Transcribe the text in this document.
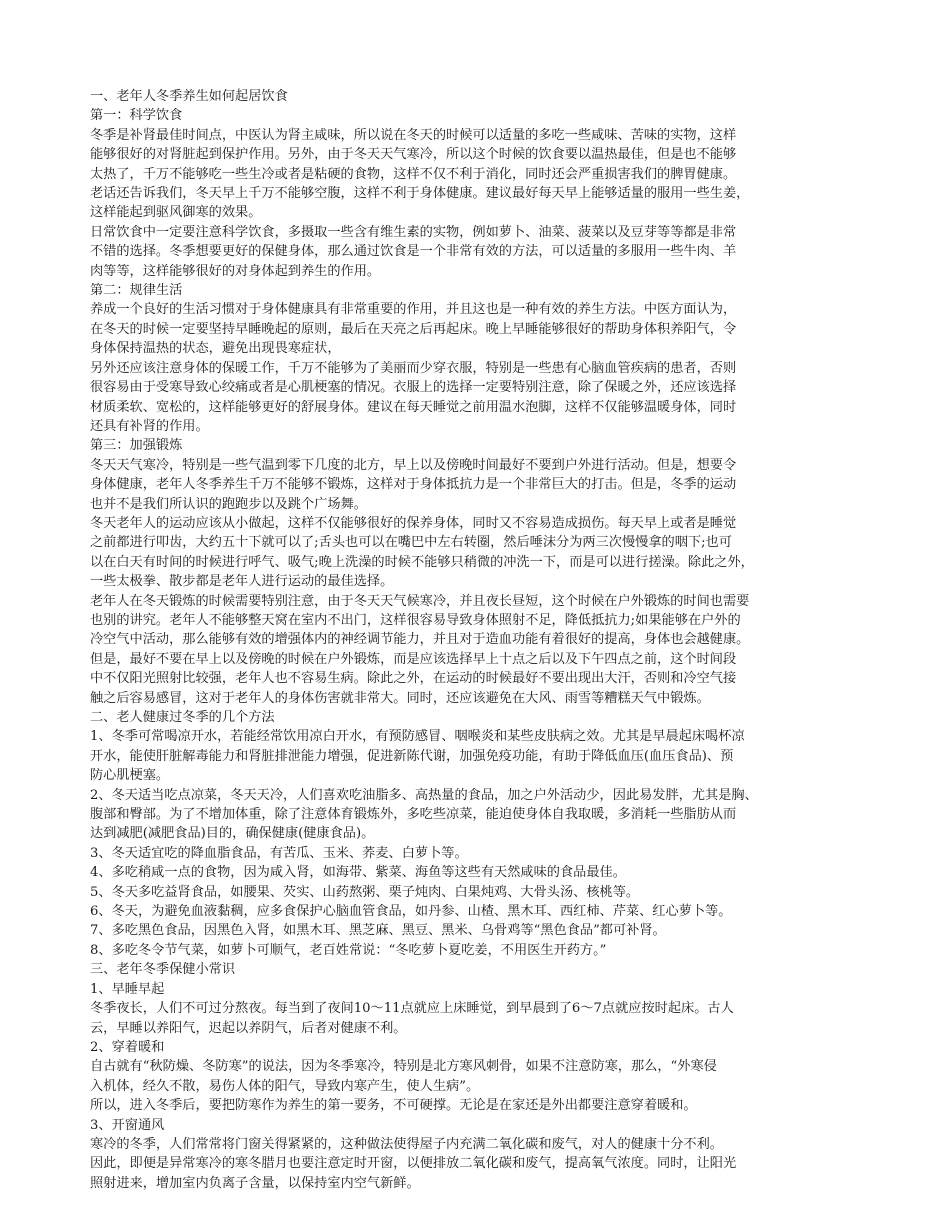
一、老年人冬季养生如何起居饮食
第一：科学饮食
冬季是补肾最佳时间点，中医认为肾主咸味，所以说在冬天的时候可以适量的多吃一些咸味、苦味的实物，这样
能够很好的对肾脏起到保护作用。另外，由于冬天天气寒冷，所以这个时候的饮食要以温热最佳，但是也不能够
太热了，千万不能够吃一些生冷或者是粘硬的食物，这样不仅不利于消化，同时还会严重损害我们的脾胃健康。
老话还告诉我们，冬天早上千万不能够空腹，这样不利于身体健康。建议最好每天早上能够适量的服用一些生姜，
这样能起到驱风御寒的效果。
日常饮食中一定要注意科学饮食，多摄取一些含有维生素的实物，例如萝卜、油菜、菠菜以及豆芽等等都是非常
不错的选择。冬季想要更好的保健身体，那么通过饮食是一个非常有效的方法，可以适量的多服用一些牛肉、羊
肉等等，这样能够很好的对身体起到养生的作用。
第二：规律生活
养成一个良好的生活习惯对于身体健康具有非常重要的作用，并且这也是一种有效的养生方法。中医方面认为，
在冬天的时候一定要坚持早睡晚起的原则，最后在天亮之后再起床。晚上早睡能够很好的帮助身体积养阳气，令
身体保持温热的状态，避免出现畏寒症状，
另外还应该注意身体的保暖工作，千万不能够为了美丽而少穿衣服，特别是一些患有心脑血管疾病的患者，否则
很容易由于受寒导致心绞痛或者是心肌梗塞的情况。衣服上的选择一定要特别注意，除了保暖之外，还应该选择
材质柔软、宽松的，这样能够更好的舒展身体。建议在每天睡觉之前用温水泡脚，这样不仅能够温暖身体，同时
还具有补肾的作用。
第三：加强锻炼
冬天天气寒冷，特别是一些气温到零下几度的北方，早上以及傍晚时间最好不要到户外进行活动。但是，想要令
身体健康，老年人冬季养生千万不能够不锻炼，这样对于身体抵抗力是一个非常巨大的打击。但是，冬季的运动
也并不是我们所认识的跑跑步以及跳个广场舞。
冬天老年人的运动应该从小做起，这样不仅能够很好的保养身体，同时又不容易造成损伤。每天早上或者是睡觉
之前都进行叩齿，大约五十下就可以了;舌头也可以在嘴巴中左右转圈，然后唾沫分为两三次慢慢拿的咽下;也可
以在白天有时间的时候进行呼气、吸气;晚上洗澡的时候不能够只稍微的冲洗一下，而是可以进行搓澡。除此之外，
一些太极拳、散步都是老年人进行运动的最佳选择。
老年人在冬天锻炼的时候需要特别注意，由于冬天天气候寒冷，并且夜长昼短，这个时候在户外锻炼的时间也需要
也别的讲究。老年人不能够整天窝在室内不出门，这样很容易导致身体照射不足，降低抵抗力;如果能够在户外的
冷空气中活动，那么能够有效的增强体内的神经调节能力，并且对于造血功能有着很好的提高，身体也会越健康。
但是，最好不要在早上以及傍晚的时候在户外锻炼，而是应该选择早上十点之后以及下午四点之前，这个时间段
中不仅阳光照射比较强，老年人也不容易生病。除此之外，在运动的时候最好不要出现出大汗，否则和冷空气接
触之后容易感冒，这对于老年人的身体伤害就非常大。同时，还应该避免在大风、雨雪等糟糕天气中锻炼。
二、老人健康过冬季的几个方法
1、冬季可常喝凉开水，若能经常饮用凉白开水，有预防感冒、咽喉炎和某些皮肤病之效。尤其是早晨起床喝杯凉
开水，能使肝脏解毒能力和肾脏排泄能力增强，促进新陈代谢，加强免疫功能，有助于降低血压(血压食品)、预
防心肌梗塞。
2、冬天适当吃点凉菜，冬天天冷，人们喜欢吃油脂多、高热量的食品，加之户外活动少，因此易发胖，尤其是胸、
腹部和臀部。为了不增加体重，除了注意体育锻炼外，多吃些凉菜，能迫使身体自我取暖，多消耗一些脂肪从而
达到减肥(减肥食品)目的，确保健康(健康食品)。
3、冬天适宜吃的降血脂食品，有苦瓜、玉米、荞麦、白萝卜等。
4、多吃稍咸一点的食物，因为咸入肾，如海带、紫菜、海鱼等这些有天然咸味的食品最佳。
5、冬天多吃益肾食品，如腰果、芡实、山药熬粥、栗子炖肉、白果炖鸡、大骨头汤、核桃等。
6、冬天，为避免血液黏稠，应多食保护心脑血管食品，如丹参、山楂、黑木耳、西红柿、芹菜、红心萝卜等。
7、多吃黑色食品，因黑色入肾，如黑木耳、黑芝麻、黑豆、黑米、乌骨鸡等“黑色食品”都可补肾。
8、多吃冬令节气菜，如萝卜可顺气，老百姓常说：“冬吃萝卜夏吃姜，不用医生开药方。”
三、老年冬季保健小常识
1、早睡早起
冬季夜长，人们不可过分熬夜。每当到了夜间10～11点就应上床睡觉，到早晨到了6～7点就应按时起床。古人
云，早睡以养阳气，迟起以养阴气，后者对健康不利。
2、穿着暖和
自古就有“秋防燥、冬防寒”的说法，因为冬季寒冷，特别是北方寒风刺骨，如果不注意防寒，那么，“外寒侵
入机体，经久不散，易伤人体的阳气，导致内寒产生，使人生病”。
所以，进入冬季后，要把防寒作为养生的第一要务，不可硬撑。无论是在家还是外出都要注意穿着暖和。
3、开窗通风
寒冷的冬季，人们常常将门窗关得紧紧的，这种做法使得屋子内充满二氧化碳和废气，对人的健康十分不利。
因此，即便是异常寒冷的寒冬腊月也要注意定时开窗，以便排放二氧化碳和废气，提高氧气浓度。同时，让阳光
照射进来，增加室内负离子含量，以保持室内空气新鲜。
